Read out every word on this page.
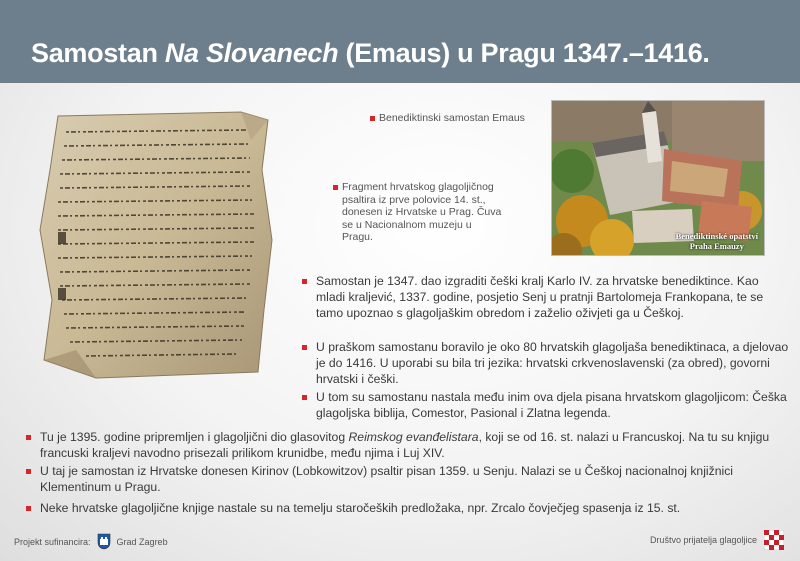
Samostan Na Slovanech (Emaus) u Pragu 1347.–1416.
Benediktinski samostan Emaus
Fragment hrvatskog glagoljičnog psaltira iz prve polovice 14. st., donesen iz Hrvatske u Prag. Čuva se u Nacionalnom muzeju u Pragu.	Benediktinské opatství
Praha Emauzy
Samostan je 1347. dao izgraditi češki kralj Karlo IV. za hrvatske benediktince. Kao mladi kraljević, 1337. godine, posjetio Senj u pratnji Bartolomeja Frankopana, te se tamo upoznao s glagoljaškim obredom i zaželio oživjeti ga u Češkoj.
U praškom samostanu boravilo je oko 80 hrvatskih glagoljaša benediktinaca, a djelovao je do 1416. U uporabi su bila tri jezika: hrvatski crkvenoslavenski (za obred), govorni hrvatski i češki.
U tom su samostanu nastala među inim ova djela pisana hrvatskom glagoljicom: Češka glagoljska biblija, Comestor, Pasional i Zlatna legenda.
Tu je 1395. godine pripremljen i glagoljični dio glasovitog Reimskog evanđelistara, koji se od 16. st. nalazi u Francuskoj. Na tu su knjigu francuski kraljevi navodno prisezali prilikom krunidbe, među njima i Luj XIV.
U taj je samostan iz Hrvatske donesen Kirinov (Lobkowitzov) psaltir pisan 1359. u Senju. Nalazi se u Češkoj nacionalnoj knjižnici Klementinum u Pragu.
Neke hrvatske glagoljične knjige nastale su na temelju staročeških predložaka, npr. Zrcalo čovječjeg spasenja iz 15. st.
Projekt sufinancira:	Grad Zagreb	Društvo prijatelja glagoljice
